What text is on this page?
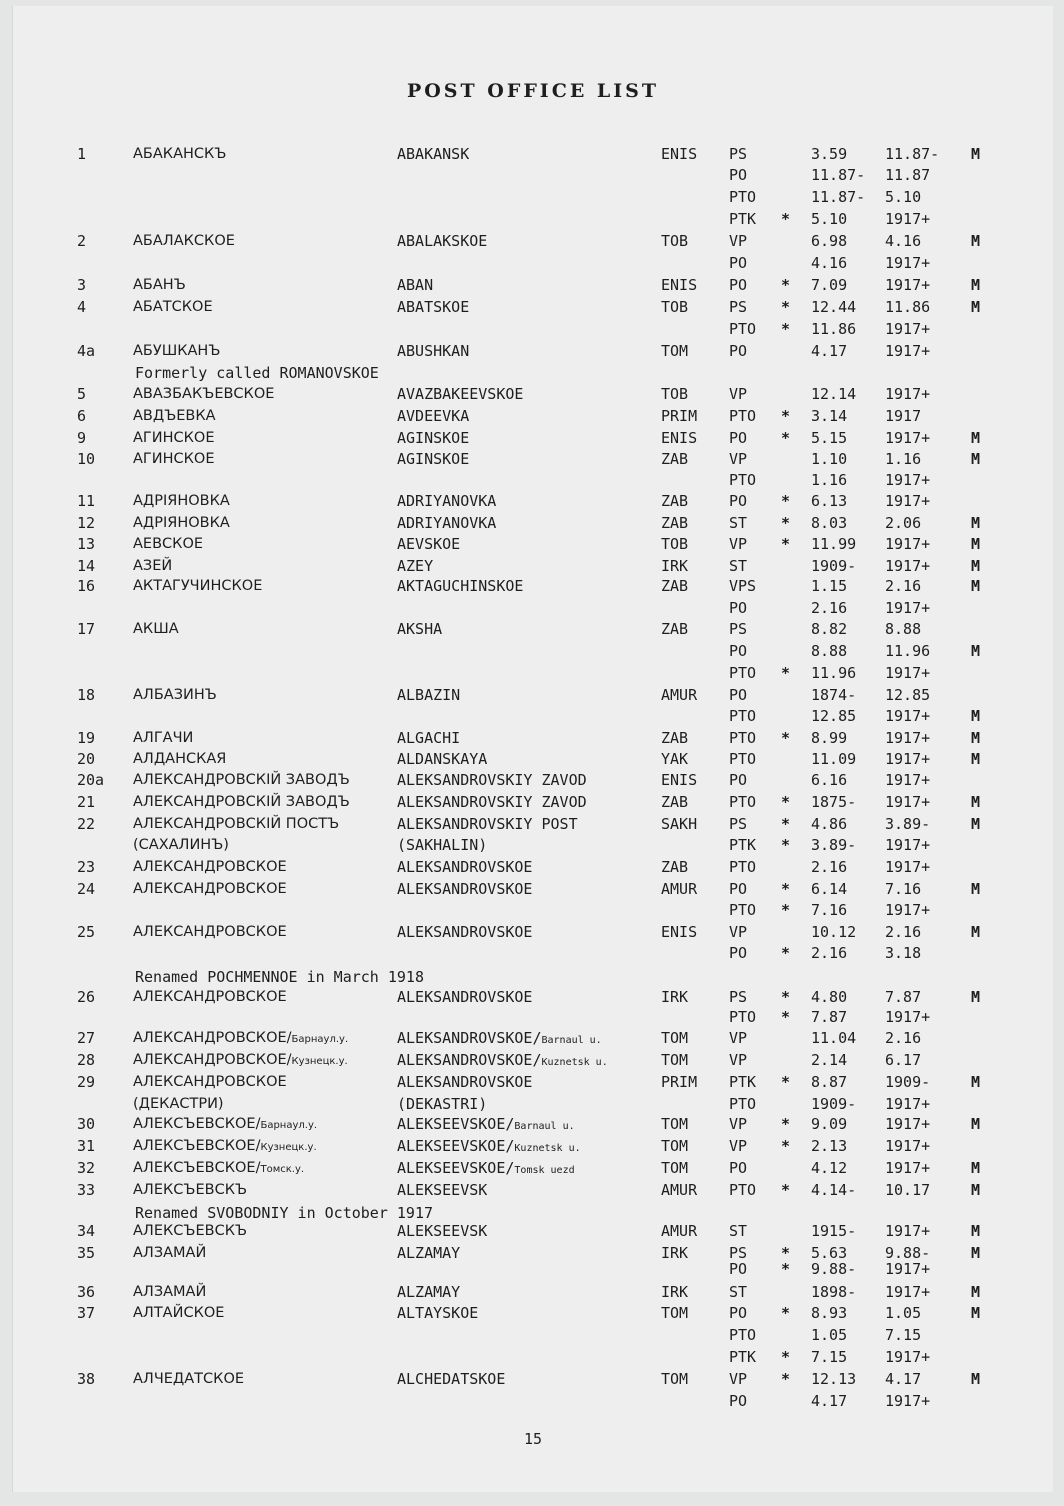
POST OFFICE LIST
1	АБАКАНСКЪ	ABAKANSK	ENIS PS	3.59	11.87- M
PO	11.87- 11.87
PTO	11.87- 5.10
PTK * 5.10	1917+
2	АБАЛАКСКОЕ	ABALAKSKOE	TOB	VP	6.98	4.16	M
PO	4.16	1917+
3	АБАНЪ	ABAN	ENIS PO * 7.09	1917+	M
4	АБАТСКОЕ	ABATSKOE	TOB	PS * 12.44 11.86	M
PTO * 11.86 1917+
4a	АБУШКАНЪ	ABUSHKAN	TOM	PO	4.17	1917+
Formerly called ROMANOVSKOE
5	АВАЗБАКЪЕВСКОЕ	AVAZBAKEEVSKOE	TOB	VP	12.14 1917+
6	АВДЪЕВКА	AVDEEVKA	PRIM PTO * 3.14	1917
9	АГИНСКОЕ	AGINSKOE	ENIS PO * 5.15	1917+	M
10	АГИНСКОЕ	AGINSKOE	ZAB	VP	1.10	1.16	M
PTO	1.16	1917+
11	АДРІЯНОВКА	ADRIYANOVKA	ZAB	PO * 6.13	1917+
12	АДРІЯНОВКА	ADRIYANOVKA	ZAB	ST * 8.03	2.06	M
13	АЕВСКОЕ	AEVSKOE	TOB	VP * 11.99 1917+	M
14	АЗЕЙ	AZEY	IRK	ST	1909- 1917+	M
16	АКТАГУЧИНСКОЕ	AKTAGUCHINSKOE	ZAB	VPS	1.15	2.16	M
PO	2.16	1917+
17	АКША	AKSHA	ZAB	PS	8.82	8.88
PO	8.88	11.96	M
PTO * 11.96 1917+
18	АЛБАЗИНЪ	ALBAZIN	AMUR PO	1874- 12.85
PTO	12.85 1917+	M
19	АЛГАЧИ	ALGACHI	ZAB	PTO * 8.99	1917+	M
20	АЛДАНСКАЯ	ALDANSKAYA	YAK	PTO	11.09 1917+	M
20a АЛЕКСАНДРОВСКІЙ ЗАВОДЪ	ALEKSANDROVSKIY ZAVOD	ENIS PO	6.16	1917+
21	АЛЕКСАНДРОВСКІЙ ЗАВОДЪ	ALEKSANDROVSKIY ZAVOD	ZAB	PTO * 1875- 1917+	M
22	АЛЕКСАНДРОВСКІЙ ПОСТЪ	ALEKSANDROVSKIY POST	SAKH PS * 4.86	3.89-	M
(САХАЛИНЪ)	(SAKHALIN)	PTK * 3.89- 1917+
23	АЛЕКСАНДРОВСКОЕ	ALEKSANDROVSKOE	ZAB	PTO	2.16	1917+
24	АЛЕКСАНДРОВСКОЕ	ALEKSANDROVSKOE	AMUR PO * 6.14	7.16	M
PTO * 7.16	1917+
25	АЛЕКСАНДРОВСКОЕ	ALEKSANDROVSKOE	ENIS VP	10.12 2.16	M
PO * 2.16	3.18
Renamed POCHMENNOE in March 1918
26	АЛЕКСАНДРОВСКОЕ	ALEKSANDROVSKOE	IRK	PS * 4.80	7.87	M
PTO * 7.87	1917+
27	АЛЕКСАНДРОВСКОЕ/Барнаул.у.	ALEKSANDROVSKOE/Barnaul u.	TOM	VP	11.04 2.16
28	АЛЕКСАНДРОВСКОЕ/Кузнецк.у.	ALEKSANDROVSKOE/Kuznetsk u.	TOM	VP	2.14	6.17
29	АЛЕКСАНДРОВСКОЕ	ALEKSANDROVSKOE	PRIM PTK * 8.87	1909-	M
(ДЕКАСТРИ)	(DEKASTRI)	PTO	1909- 1917+
30	АЛЕКСЪЕВСКОЕ/Барнаул.у.	ALEKSEEVSKOE/Barnaul u.	TOM	VP * 9.09	1917+	M
31	АЛЕКСЪЕВСКОЕ/Кузнецк.у.	ALEKSEEVSKOE/Kuznetsk u.	TOM	VP * 2.13	1917+
32	АЛЕКСЪЕВСКОЕ/Томск.у.	ALEKSEEVSKOE/Tomsk uezd	TOM	PO	4.12	1917+	M
33	АЛЕКСЪЕВСКЪ	ALEKSEEVSK	AMUR PTO * 4.14- 10.17	M
Renamed SVOBODNIY in October 1917
34	АЛЕКСЪЕВСКЪ	ALEKSEEVSK	AMUR ST	1915- 1917+	M
35	АЛЗАМАЙ	ALZAMAY	IRK	PS * 5.63	9.88-	M
PO * 9.88- 1917+
36	АЛЗАМАЙ	ALZAMAY	IRK	ST	1898- 1917+	M
37	АЛТАЙСКОЕ	ALTAYSKOE	TOM	PO * 8.93	1.05	M
PTO	1.05	7.15
PTK * 7.15	1917+
38	АЛЧЕДАТСКОЕ	ALCHEDATSKOE	TOM	VP * 12.13 4.17	M
PO	4.17	1917+
15
